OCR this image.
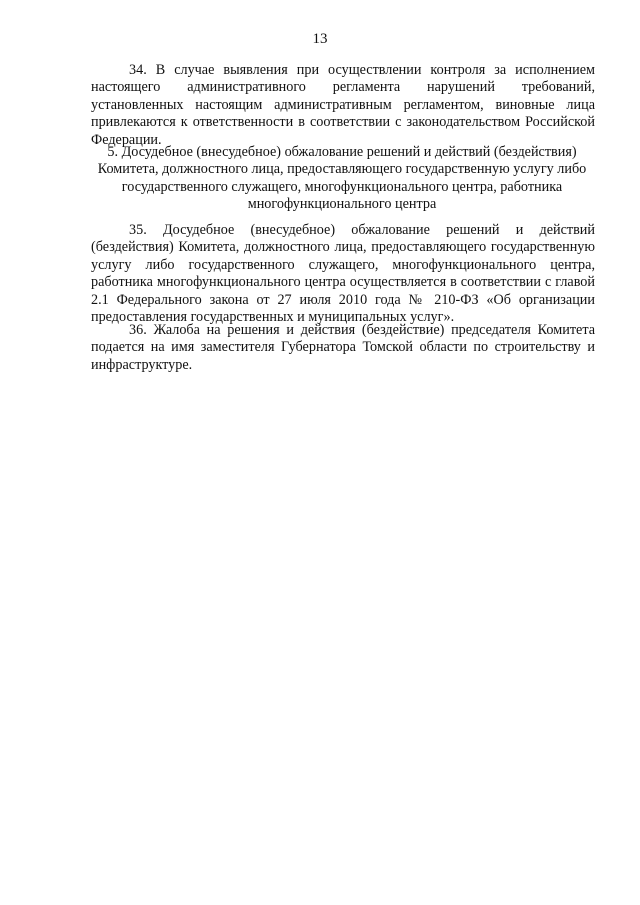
13

34. В случае выявления при осуществлении контроля за исполнением настоящего административного регламента нарушений требований, установленных настоящим административным регламентом, виновные лица привлекаются к ответственности в соответствии с законодательством Российской Федерации.

5. Досудебное (внесудебное) обжалование решений и действий (бездействия)
Комитета, должностного лица, предоставляющего государственную услугу либо
государственного служащего, многофункционального центра, работника
многофункционального центра

35. Досудебное (внесудебное) обжалование решений и действий (бездействия) Комитета, должностного лица, предоставляющего государственную услугу либо государственного служащего, многофункционального центра, работника многофункционального центра осуществляется в соответствии с главой 2.1 Федерального закона от 27 июля 2010 года № 210-ФЗ «Об организации предоставления государственных и муниципальных услуг».

36. Жалоба на решения и действия (бездействие) председателя Комитета подается на имя заместителя Губернатора Томской области по строительству и инфраструктуре.
